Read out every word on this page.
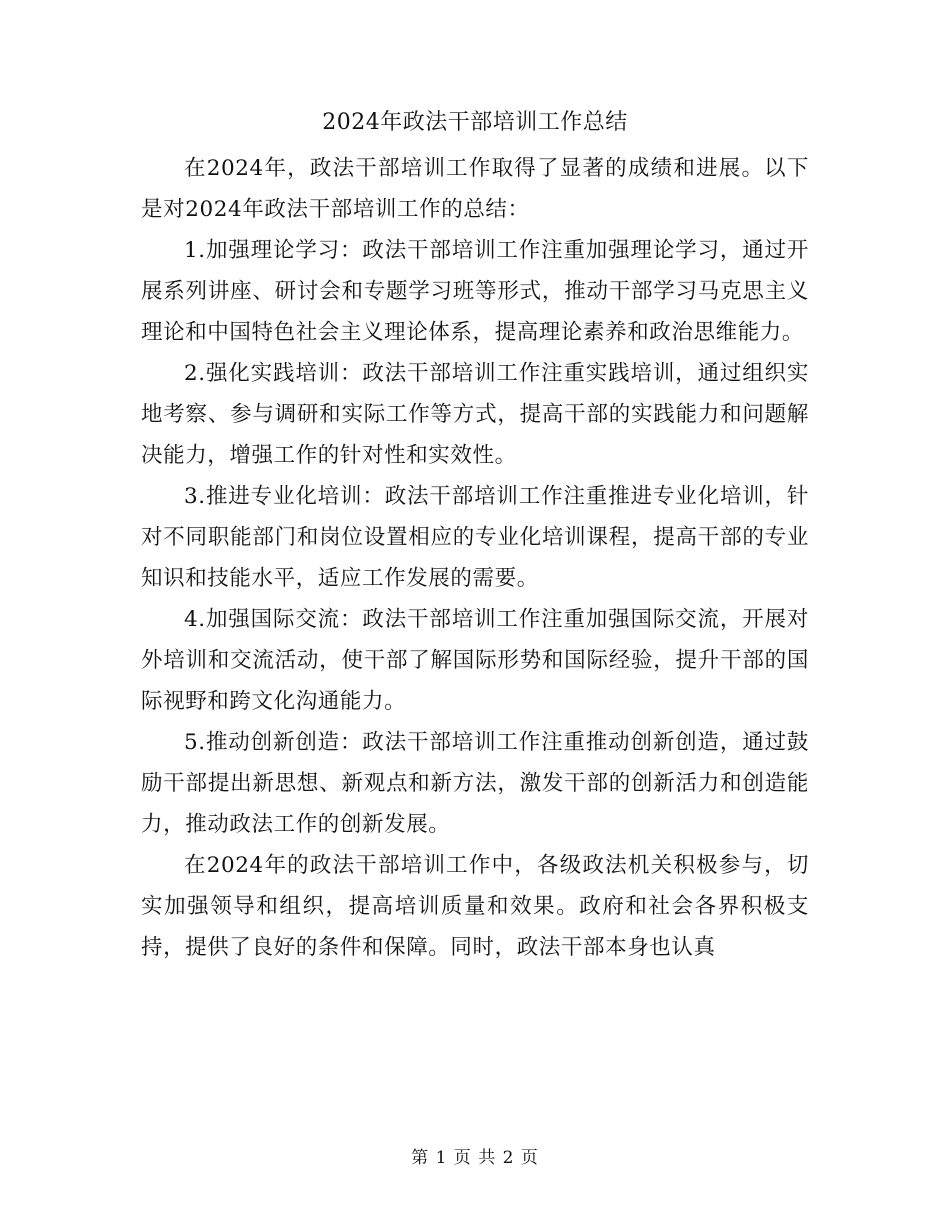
2024年政法干部培训工作总结

在2024年，政法干部培训工作取得了显著的成绩和进展。以下是对2024年政法干部培训工作的总结：

1.加强理论学习：政法干部培训工作注重加强理论学习，通过开展系列讲座、研讨会和专题学习班等形式，推动干部学习马克思主义理论和中国特色社会主义理论体系，提高理论素养和政治思维能力。

2.强化实践培训：政法干部培训工作注重实践培训，通过组织实地考察、参与调研和实际工作等方式，提高干部的实践能力和问题解决能力，增强工作的针对性和实效性。

3.推进专业化培训：政法干部培训工作注重推进专业化培训，针对不同职能部门和岗位设置相应的专业化培训课程，提高干部的专业知识和技能水平，适应工作发展的需要。

4.加强国际交流：政法干部培训工作注重加强国际交流，开展对外培训和交流活动，使干部了解国际形势和国际经验，提升干部的国际视野和跨文化沟通能力。

5.推动创新创造：政法干部培训工作注重推动创新创造，通过鼓励干部提出新思想、新观点和新方法，激发干部的创新活力和创造能力，推动政法工作的创新发展。

在2024年的政法干部培训工作中，各级政法机关积极参与，切实加强领导和组织，提高培训质量和效果。政府和社会各界积极支持，提供了良好的条件和保障。同时，政法干部本身也认真

第 1 页 共 2 页
